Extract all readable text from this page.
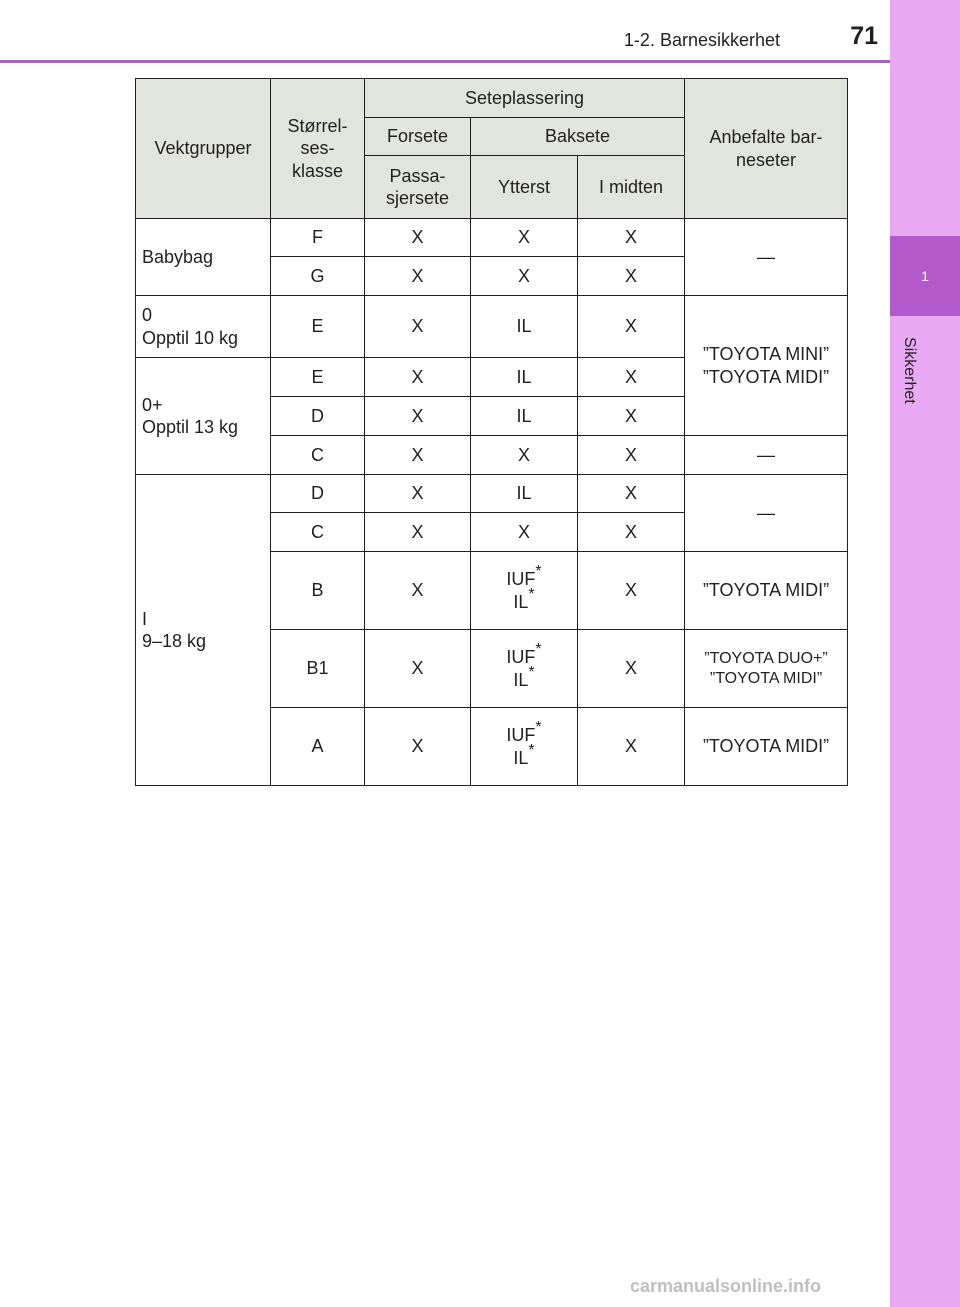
1
Sikkerhet
1-2. Barnesikkerhet	71
Vektgrupper	Størrel-
ses-
klasse	Seteplassering			Anbefalte bar-
neseter
		Forsete	Baksete		
		Passa-
sjersete	Ytterst	I midten	
Babybag	F	X	X	X	—
	G	X	X	X	
0
Opptil 10 kg	E	X	IL	X	”TOYOTA MINI”
”TOYOTA MIDI”
0+
Opptil 13 kg	E	X	IL	X	
	D	X	IL	X	
	C	X	X	X	—
I
9–18 kg	D	X	IL	X	—
	C	X	X	X	
	B	X	IUF*
IL*	X	”TOYOTA MIDI”
	B1	X	IUF*
IL*	X	”TOYOTA DUO+”
”TOYOTA MIDI”
	A	X	IUF*
IL*	X	”TOYOTA MIDI”
carmanualsonline.info
